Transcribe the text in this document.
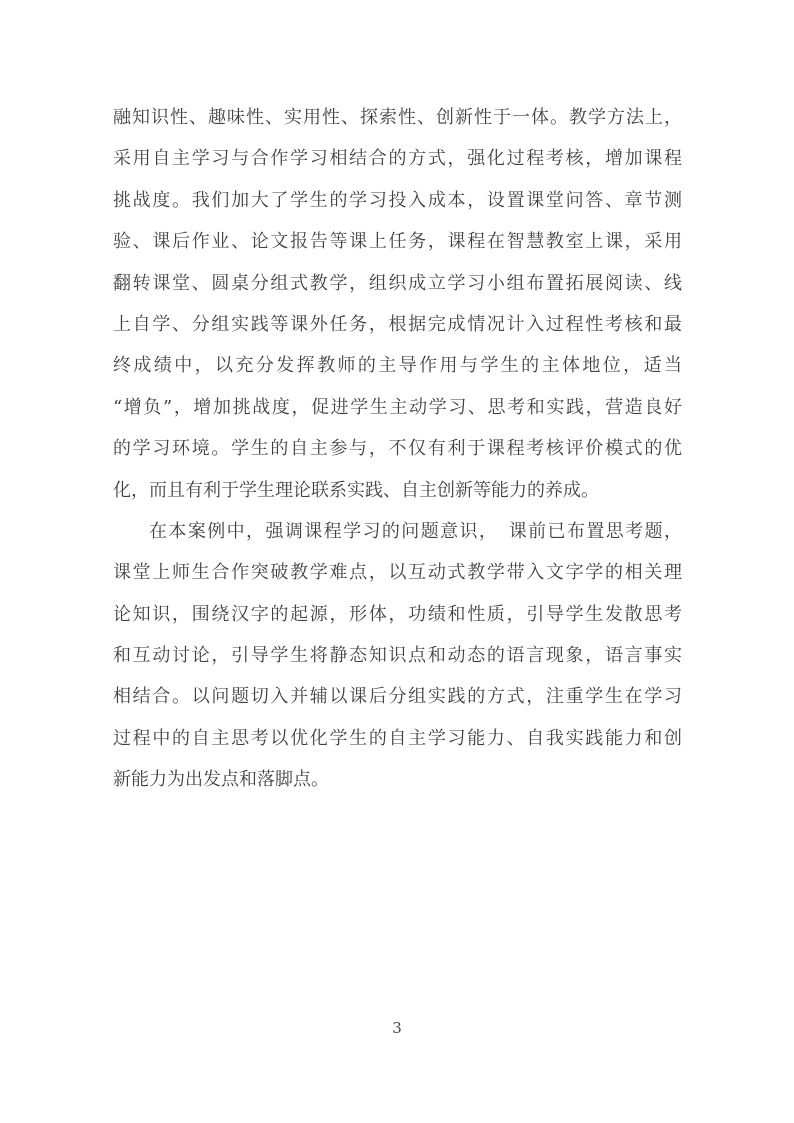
融知识性、趣味性、实用性、探索性、创新性于一体。教学方法上，
采用自主学习与合作学习相结合的方式，强化过程考核，增加课程
挑战度。我们加大了学生的学习投入成本，设置课堂问答、章节测
验、课后作业、论文报告等课上任务，课程在智慧教室上课，采用
翻转课堂、圆桌分组式教学，组织成立学习小组布置拓展阅读、线
上自学、分组实践等课外任务，根据完成情况计入过程性考核和最
终成绩中，以充分发挥教师的主导作用与学生的主体地位，适当
“增负”，增加挑战度，促进学生主动学习、思考和实践，营造良好
的学习环境。学生的自主参与，不仅有利于课程考核评价模式的优
化，而且有利于学生理论联系实践、自主创新等能力的养成。
在本案例中，强调课程学习的问题意识，　课前已布置思考题，
课堂上师生合作突破教学难点，以互动式教学带入文字学的相关理
论知识，围绕汉字的起源，形体，功绩和性质，引导学生发散思考
和互动讨论，引导学生将静态知识点和动态的语言现象，语言事实
相结合。以问题切入并辅以课后分组实践的方式，注重学生在学习
过程中的自主思考以优化学生的自主学习能力、自我实践能力和创
新能力为出发点和落脚点。
3
